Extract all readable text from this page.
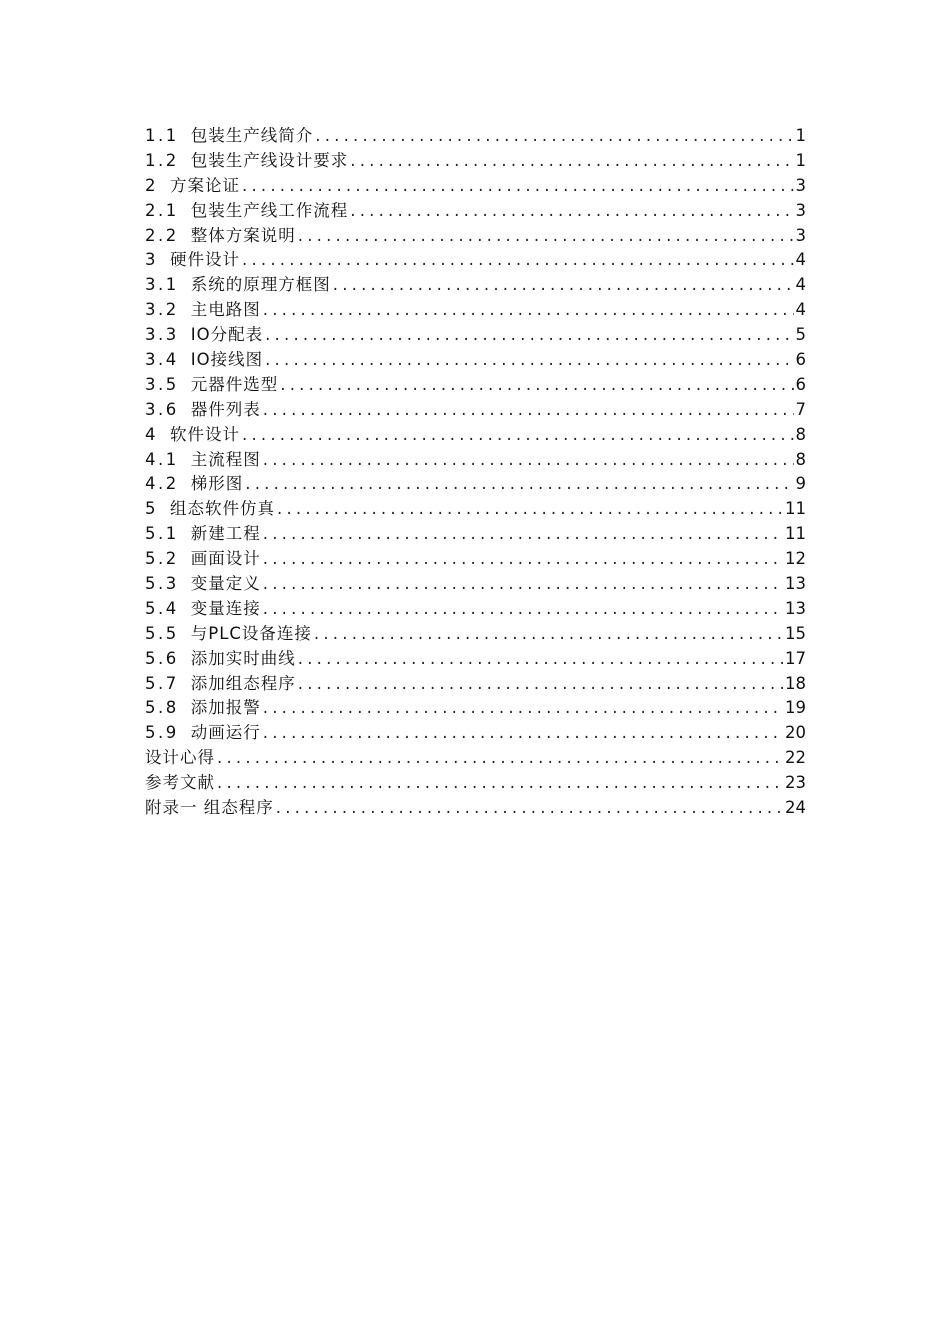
1.1 包装生产线简介 .....	1
1.2 包装生产线设计要求 .....	1
2 方案论证 .....	3
2.1 包装生产线工作流程 .....	3
2.2 整体方案说明 .....	3
3 硬件设计 .....	4
3.1 系统的原理方框图 .....	4
3.2 主电路图 .....	4
3.3 IO分配表 .....	5
3.4 IO接线图 .....	6
3.5 元器件选型 .....	6
3.6 器件列表 .....	7
4 软件设计 .....	8
4.1 主流程图 .....	8
4.2 梯形图 .....	9
5 组态软件仿真 .....	11
5.1 新建工程 .....	11
5.2 画面设计 .....	12
5.3 变量定义 .....	13
5.4 变量连接 .....	13
5.5 与PLC设备连接 .....	15
5.6 添加实时曲线 .....	17
5.7 添加组态程序 .....	18
5.8 添加报警 .....	19
5.9 动画运行 .....	20
设计心得 .....	22
参考文献 .....	23
附录一 组态程序 .....	24
